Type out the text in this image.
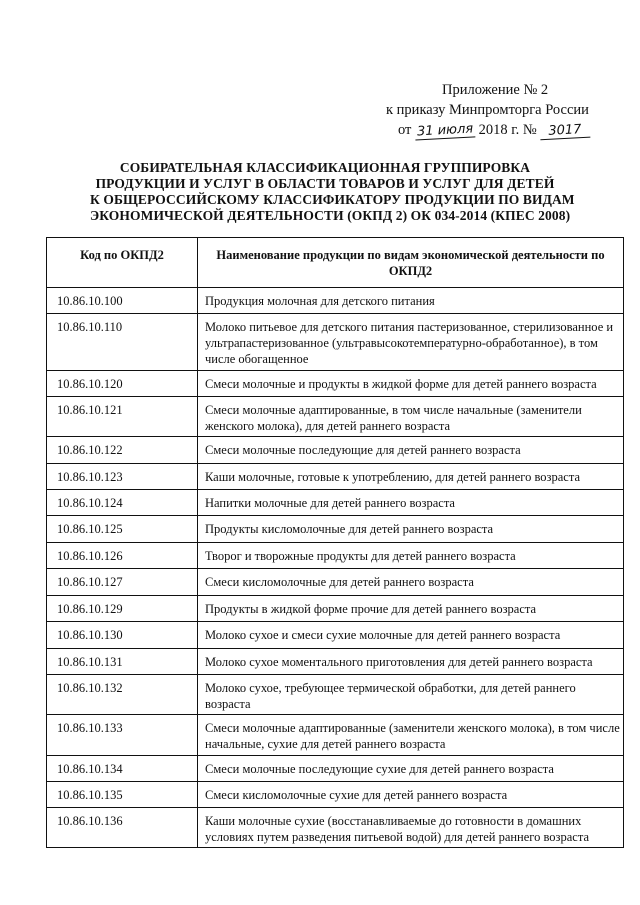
Приложение № 2
к приказу Минпромторга России
от 31 июля 2018 г. № 3017
СОБИРАТЕЛЬНАЯ КЛАССИФИКАЦИОННАЯ ГРУППИРОВКА
ПРОДУКЦИИ И УСЛУГ В ОБЛАСТИ ТОВАРОВ И УСЛУГ ДЛЯ ДЕТЕЙ
К ОБЩЕРОССИЙСКОМУ КЛАССИФИКАТОРУ ПРОДУКЦИИ ПО ВИДАМ
ЭКОНОМИЧЕСКОЙ ДЕЯТЕЛЬНОСТИ (ОКПД 2) ОК 034-2014 (КПЕС 2008)
Код по ОКПД2	Наименование продукции по видам экономической деятельности по ОКПД2
10.86.10.100	Продукция молочная для детского питания
10.86.10.110	Молоко питьевое для детского питания пастеризованное, стерилизованное и ультрапастеризованное (ультравысокотемпературно-обработанное), в том числе обогащенное
10.86.10.120	Смеси молочные и продукты в жидкой форме для детей раннего возраста
10.86.10.121	Смеси молочные адаптированные, в том числе начальные (заменители женского молока), для детей раннего возраста
10.86.10.122	Смеси молочные последующие для детей раннего возраста
10.86.10.123	Каши молочные, готовые к употреблению, для детей раннего возраста
10.86.10.124	Напитки молочные для детей раннего возраста
10.86.10.125	Продукты кисломолочные для детей раннего возраста
10.86.10.126	Творог и творожные продукты для детей раннего возраста
10.86.10.127	Смеси кисломолочные для детей раннего возраста
10.86.10.129	Продукты в жидкой форме прочие для детей раннего возраста
10.86.10.130	Молоко сухое и смеси сухие молочные для детей раннего возраста
10.86.10.131	Молоко сухое моментального приготовления для детей раннего возраста
10.86.10.132	Молоко сухое, требующее термической обработки, для детей раннего возраста
10.86.10.133	Смеси молочные адаптированные (заменители женского молока), в том числе начальные, сухие для детей раннего возраста
10.86.10.134	Смеси молочные последующие сухие для детей раннего возраста
10.86.10.135	Смеси кисломолочные сухие для детей раннего возраста
10.86.10.136	Каши молочные сухие (восстанавливаемые до готовности в домашних условиях путем разведения питьевой водой) для детей раннего возраста
